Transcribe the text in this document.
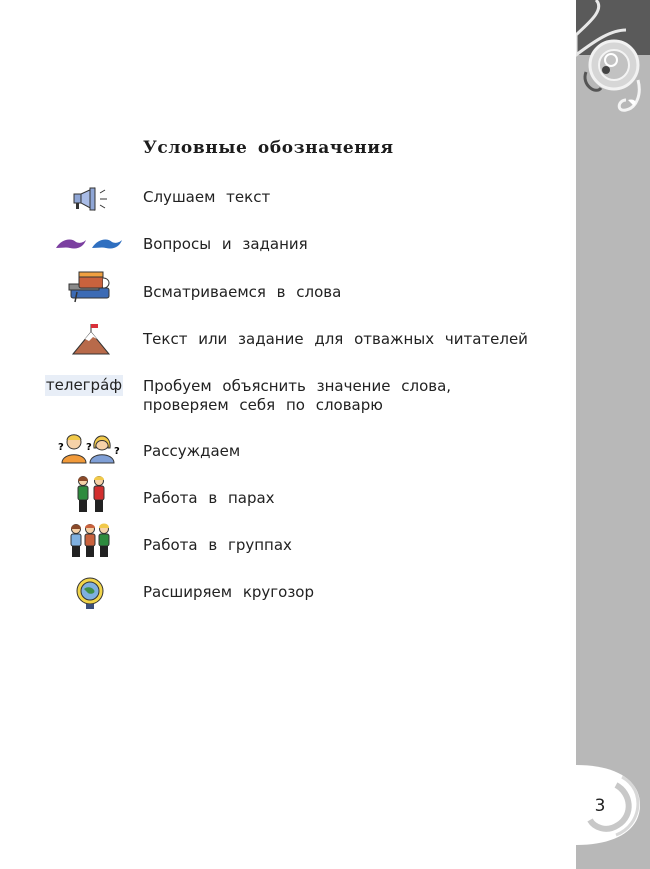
3
Условные обозначения
Слушаем текст
Вопросы и задания
Всматриваемся в слова
Текст или задание для отважных читателей
телегрáф Пробуем объяснить значение слова,
проверяем себя по словарю
? ? ? Рассуждаем
Работа в парах
Работа в группах
Расширяем кругозор
